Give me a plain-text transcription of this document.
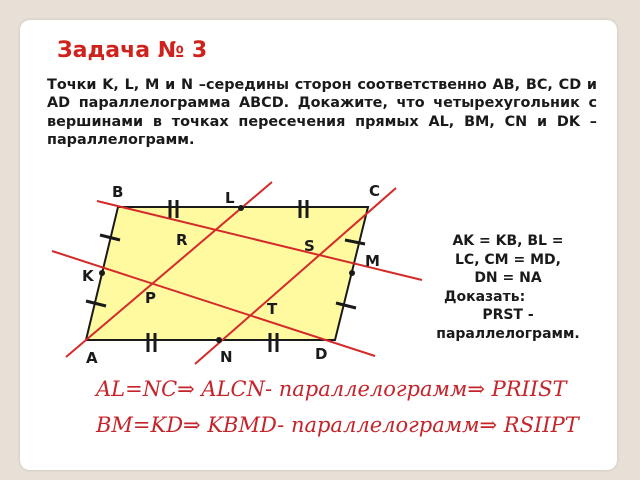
Задача № 3

Точки K, L, M и N –середины сторон соответственно AB, BC, CD и AD параллелограмма ABCD. Докажите, что четырехугольник с вершинами в точках пересечения прямых AL, BM, CN и DK – параллелограмм.

B	C
L
R	S
M
K
P
T
D
A	N
AK = KB, BL =
LC, CM = MD,
DN = NA
Доказать:
PRST -
параллелограмм.
AL=NC⇒ ALCN- параллелограмм⇒ PRIIST
BM=KD⇒ KBMD- параллелограмм⇒ RSIIPT
